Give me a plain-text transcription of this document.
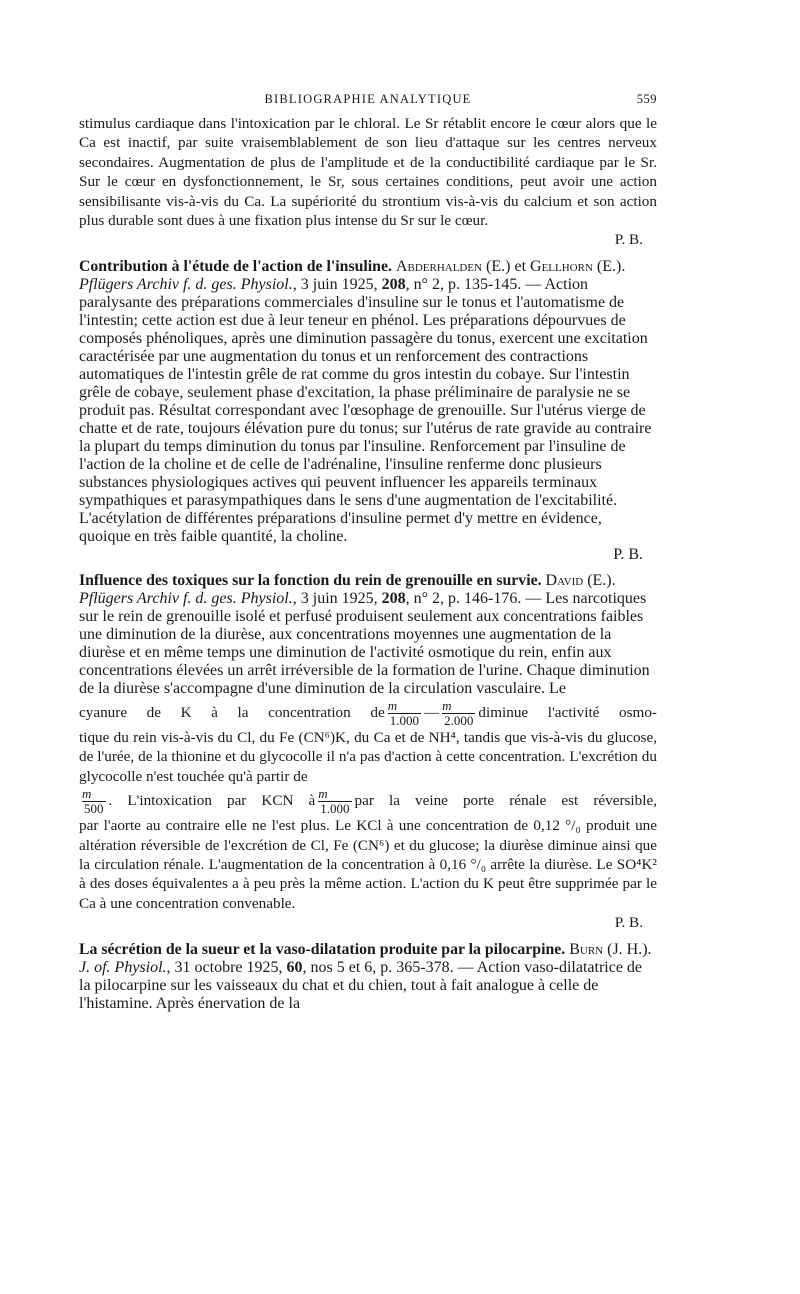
BIBLIOGRAPHIE ANALYTIQUE	559

stimulus cardiaque dans l'intoxication par le chloral. Le Sr rétablit encore le cœur alors que le Ca est inactif, par suite vraisemblablement de son lieu d'attaque sur les centres nerveux secondaires. Augmentation de plus de l'amplitude et de la conductibilité cardiaque par le Sr. Sur le cœur en dysfonctionnement, le Sr, sous certaines conditions, peut avoir une action sensibilisante vis-à-vis du Ca. La supériorité du strontium vis-à-vis du calcium et son action plus durable sont dues à une fixation plus intense du Sr sur le cœur.
P. B.

Contribution à l'étude de l'action de l'insuline. Abderhalden (E.) et Gellhorn (E.). Pflügers Archiv f. d. ges. Physiol., 3 juin 1925, 208, n° 2, p. 135-145. — Action paralysante des préparations commerciales d'insuline sur le tonus et l'automatisme de l'intestin; cette action est due à leur teneur en phénol. Les préparations dépourvues de composés phénoliques, après une diminution passagère du tonus, exercent une excitation caractérisée par une augmentation du tonus et un renforcement des contractions automatiques de l'intestin grêle de rat comme du gros intestin du cobaye. Sur l'intestin grêle de cobaye, seulement phase d'excitation, la phase préliminaire de paralysie ne se produit pas. Résultat correspondant avec l'œsophage de grenouille. Sur l'utérus vierge de chatte et de rate, toujours élévation pure du tonus; sur l'utérus de rate gravide au contraire la plupart du temps diminution du tonus par l'insuline. Renforcement par l'insuline de l'action de la choline et de celle de l'adrénaline, l'insuline renferme donc plusieurs substances physiologiques actives qui peuvent influencer les appareils terminaux sympathiques et parasympathiques dans le sens d'une augmentation de l'excitabilité. L'acétylation de différentes préparations d'insuline permet d'y mettre en évidence, quoique en très faible quantité, la choline.
P. B.

Influence des toxiques sur la fonction du rein de grenouille en survie. David (E.). Pflügers Archiv f. d. ges. Physiol., 3 juin 1925, 208, n° 2, p. 146-176. — Les narcotiques sur le rein de grenouille isolé et perfusé produisent seulement aux concentrations faibles une diminution de la diurèse, aux concentrations moyennes une augmentation de la diurèse et en même temps une diminution de l'activité osmotique du rein, enfin aux concentrations élevées un arrêt irréversible de la formation de l'urine. Chaque diminution de la diurèse s'accompagne d'une diminution de la circulation vasculaire. Le

cyanure de K à la concentration de $\frac{m}{1.000}$ — $\frac{m}{2.000}$ diminue l'activité osmo-

tique du rein vis-à-vis du Cl, du Fe (CN⁶)K, du Ca et de NH⁴, tandis que vis-à-vis du glucose, de l'urée, de la thionine et du glycocolle il n'a pas d'action à cette concentration. L'excrétion du glycocolle n'est touchée qu'à partir de

$\frac{m}{500}$ . L'intoxication par KCN à $\frac{m}{1.000}$ par la veine porte rénale est réversible,

par l'aorte au contraire elle ne l'est plus. Le KCl à une concentration de 0,12 °/₀ produit une altération réversible de l'excrétion de Cl, Fe (CN⁶) et du glucose; la diurèse diminue ainsi que la circulation rénale. L'augmentation de la concentration à 0,16 °/₀ arrête la diurèse. Le SO⁴K² à des doses équivalentes a à peu près la même action. L'action du K peut être supprimée par le Ca à une concentration convenable.
P. B.

La sécrétion de la sueur et la vaso-dilatation produite par la pilocarpine. Burn (J. H.). J. of. Physiol., 31 octobre 1925, 60, nos 5 et 6, p. 365-378. — Action vaso-dilatatrice de la pilocarpine sur les vaisseaux du chat et du chien, tout à fait analogue à celle de l'histamine. Après énervation de la
